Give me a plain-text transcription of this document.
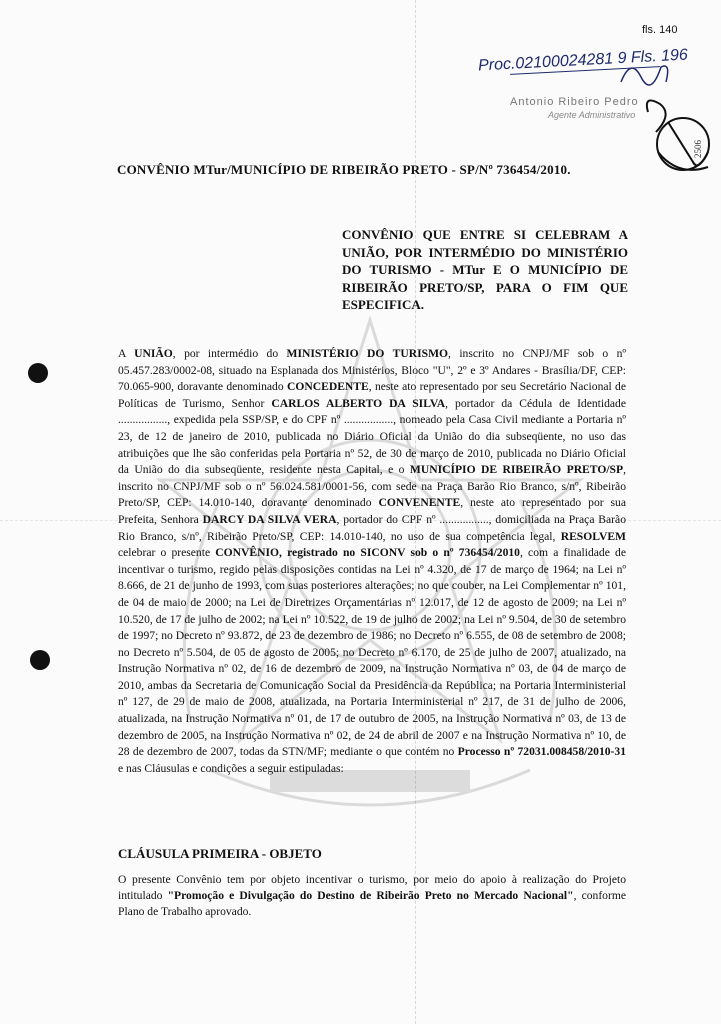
fls. 140
Proc.02100024281 9 Fls. 196
Antonio Ribeiro Pedro
Agente Administrativo
2506
CONVÊNIO MTur/MUNICÍPIO DE RIBEIRÃO PRETO - SP/Nº 736454/2010.
CONVÊNIO QUE ENTRE SI CELEBRAM A UNIÃO, POR INTERMÉDIO DO MINISTÉRIO DO TURISMO - MTur E O MUNICÍPIO DE RIBEIRÃO PRETO/SP, PARA O FIM QUE ESPECIFICA.
A UNIÃO, por intermédio do MINISTÉRIO DO TURISMO, inscrito no CNPJ/MF sob o nº 05.457.283/0002-08, situado na Esplanada dos Ministérios, Bloco "U", 2º e 3º Andares - Brasília/DF, CEP: 70.065-900, doravante denominado CONCEDENTE, neste ato representado por seu Secretário Nacional de Políticas de Turismo, Senhor CARLOS ALBERTO DA SILVA, portador da Cédula de Identidade ................., expedida pela SSP/SP, e do CPF nº ................., nomeado pela Casa Civil mediante a Portaria nº 23, de 12 de janeiro de 2010, publicada no Diário Oficial da União do dia subseqüente, no uso das atribuições que lhe são conferidas pela Portaria nº 52, de 30 de março de 2010, publicada no Diário Oficial da União do dia subseqüente, residente nesta Capital, e o MUNICÍPIO DE RIBEIRÃO PRETO/SP, inscrito no CNPJ/MF sob o nº 56.024.581/0001-56, com sede na Praça Barão Rio Branco, s/nº, Ribeirão Preto/SP, CEP: 14.010-140, doravante denominado CONVENENTE, neste ato representado por sua Prefeita, Senhora DARCY DA SILVA VERA, portador do CPF nº ................., domiciliada na Praça Barão Rio Branco, s/nº, Ribeirão Preto/SP, CEP: 14.010-140, no uso de sua competência legal, RESOLVEM celebrar o presente CONVÊNIO, registrado no SICONV sob o nº 736454/2010, com a finalidade de incentivar o turismo, regido pelas disposições contidas na Lei nº 4.320, de 17 de março de 1964; na Lei nº 8.666, de 21 de junho de 1993, com suas posteriores alterações; no que couber, na Lei Complementar nº 101, de 04 de maio de 2000; na Lei de Diretrizes Orçamentárias nº 12.017, de 12 de agosto de 2009; na Lei nº 10.520, de 17 de julho de 2002; na Lei nº 10.522, de 19 de julho de 2002; na Lei nº 9.504, de 30 de setembro de 1997; no Decreto nº 93.872, de 23 de dezembro de 1986; no Decreto nº 6.555, de 08 de setembro de 2008; no Decreto nº 5.504, de 05 de agosto de 2005; no Decreto nº 6.170, de 25 de julho de 2007, atualizado, na Instrução Normativa nº 02, de 16 de dezembro de 2009, na Instrução Normativa nº 03, de 04 de março de 2010, ambas da Secretaria de Comunicação Social da Presidência da República; na Portaria Interministerial nº 127, de 29 de maio de 2008, atualizada, na Portaria Interministerial nº 217, de 31 de julho de 2006, atualizada, na Instrução Normativa nº 01, de 17 de outubro de 2005, na Instrução Normativa nº 03, de 13 de dezembro de 2005, na Instrução Normativa nº 02, de 24 de abril de 2007 e na Instrução Normativa nº 10, de 28 de dezembro de 2007, todas da STN/MF; mediante o que contém no Processo nº 72031.008458/2010-31 e nas Cláusulas e condições a seguir estipuladas:
CLÁUSULA PRIMEIRA - OBJETO
O presente Convênio tem por objeto incentivar o turismo, por meio do apoio à realização do Projeto intitulado "Promoção e Divulgação do Destino de Ribeirão Preto no Mercado Nacional", conforme Plano de Trabalho aprovado.
